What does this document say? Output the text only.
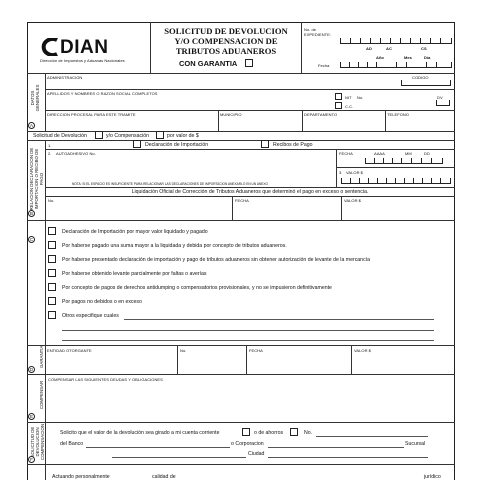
DIAN
Dirección de Impuestos y Aduanas Nacionales
SOLICITUD DE DEVOLUCION
Y/O COMPENSACION DE
TRIBUTOS ADUANEROS
CON GARANTIA
No. de EXPEDIENTE:
AD	AC	CS
Año	Mes	Día
Fecha
DATOS GENERALES
A
ADMINISTRACION	CODIGO
APELLIDOS Y NOMBRES O RAZON SOCIAL COMPLETOS
NIT No.
C.C.
DV
DIRECCION PROCESAL PARA ESTE TRAMITE	MUNICIPIO	DEPARTAMENTO	TELEFONO
Solicitud de Devolución	y/o Compensación	por valor de $
RELACION DECLARACION DE IMPORTACION O RECIBO DE PAGO
B
1.	Declaración de Importación	Recibos de Pago
2. AUTOADHESIVO No.	FECHA	AAAA	MM	DD
3. VALOR $
NOTA: SI EL ESPACIO ES INSUFICIENTE PARA RELACIONAR LAS DECLARACIONES DE IMPORTACION ANEXARLO EN UN ANEXO
Liquidación Oficial de Corrección de Tributos Aduaneros que determinó el pago en exceso o sentencia.
No.	FECHA	VALOR $
C
Declaración de Importación por mayor valor liquidado y pagado
Por haberse pagado una suma mayor a la liquidada y debida por concepto de tributos aduaneros.
Por haberse presentado declaración de importación y pago de tributos aduaneros sin obtener autorización de levante de la mercancía
Por haberse obtenido levante parcialmente por faltas o averías
Por concepto de pagos de derechos antidumping o compensatorios provisionales, y no se impusieron definitivamente
Por pagos no debidos o en exceso
Otros especifique cuales
GARANTIA
D
ENTIDAD OTORGANTE	No.	FECHA	VALOR $
COMPENSAR
E
COMPENSAR LAS SIGUIENTES DEUDAS Y OBLIGACIONES
SOLICITUD DE DEVOLUCION COMPENSACION
F
Solicito que el valor de la devolución sea girado a mi cuenta corriente	o de ahorros	No.
del Banco	o Corporacion	Sucursal
Ciudad
Actuando personalmente	calidad de	jurídico
